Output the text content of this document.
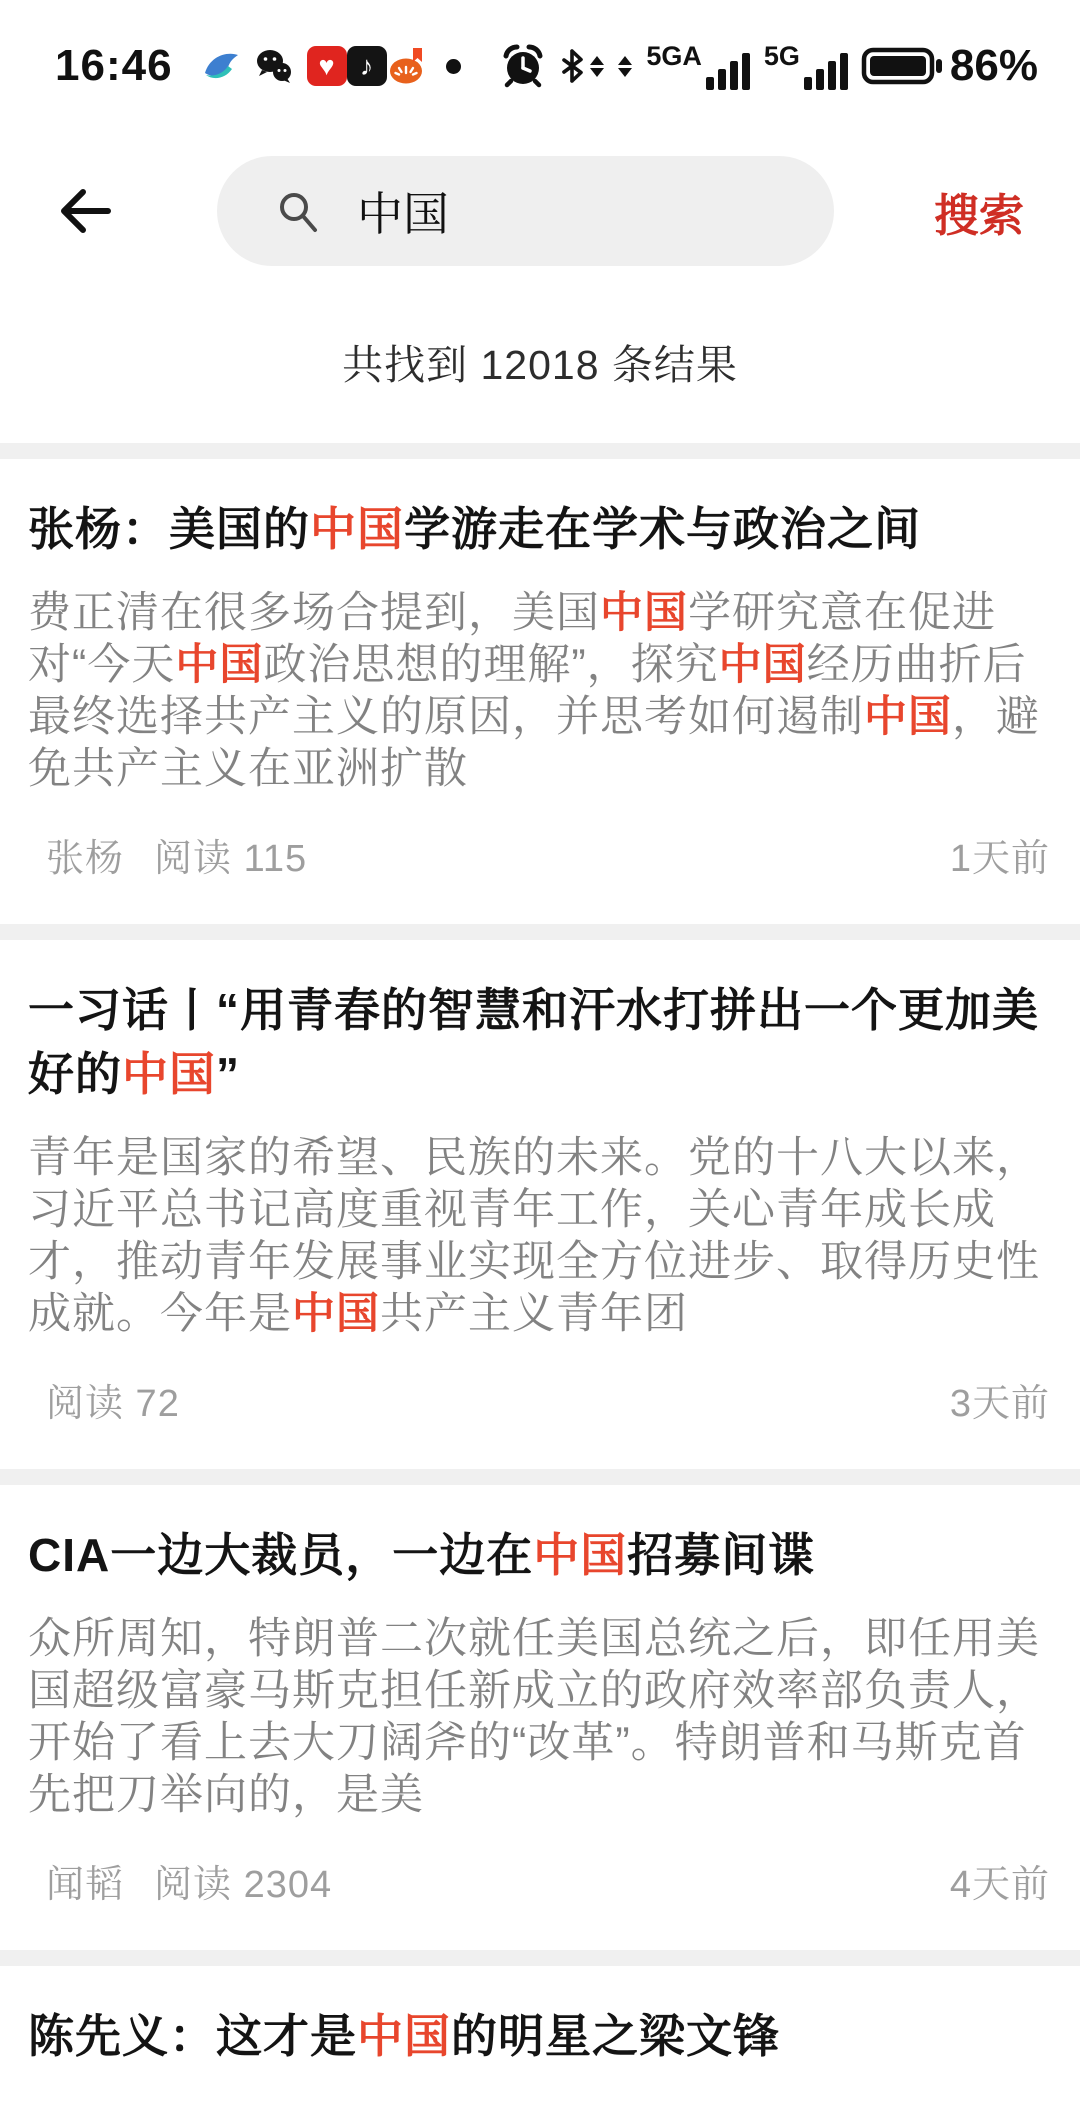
16:46	♥ ♪	5GA 5G	86%
中国
搜索
共找到 12018 条结果
张杨：美国的中国学游走在学术与政治之间

费正清在很多场合提到，美国中国学研究意在促进对“今天中国政治思想的理解”，探究中国经历曲折后最终选择共产主义的原因，并思考如何遏制中国，避免共产主义在亚洲扩散

张杨 阅读 115	1天前
一习话丨“用青春的智慧和汗水打拼出一个更加美好的中国”

青年是国家的希望、民族的未来。党的十八大以来，习近平总书记高度重视青年工作，关心青年成长成才，推动青年发展事业实现全方位进步、取得历史性成就。今年是中国共产主义青年团

阅读 72	3天前
CIA一边大裁员，一边在中国招募间谍

众所周知，特朗普二次就任美国总统之后，即任用美国超级富豪马斯克担任新成立的政府效率部负责人，开始了看上去大刀阔斧的“改革”。特朗普和马斯克首先把刀举向的，是美

闻韬 阅读 2304	4天前
陈先义：这才是中国的明星之梁文锋
